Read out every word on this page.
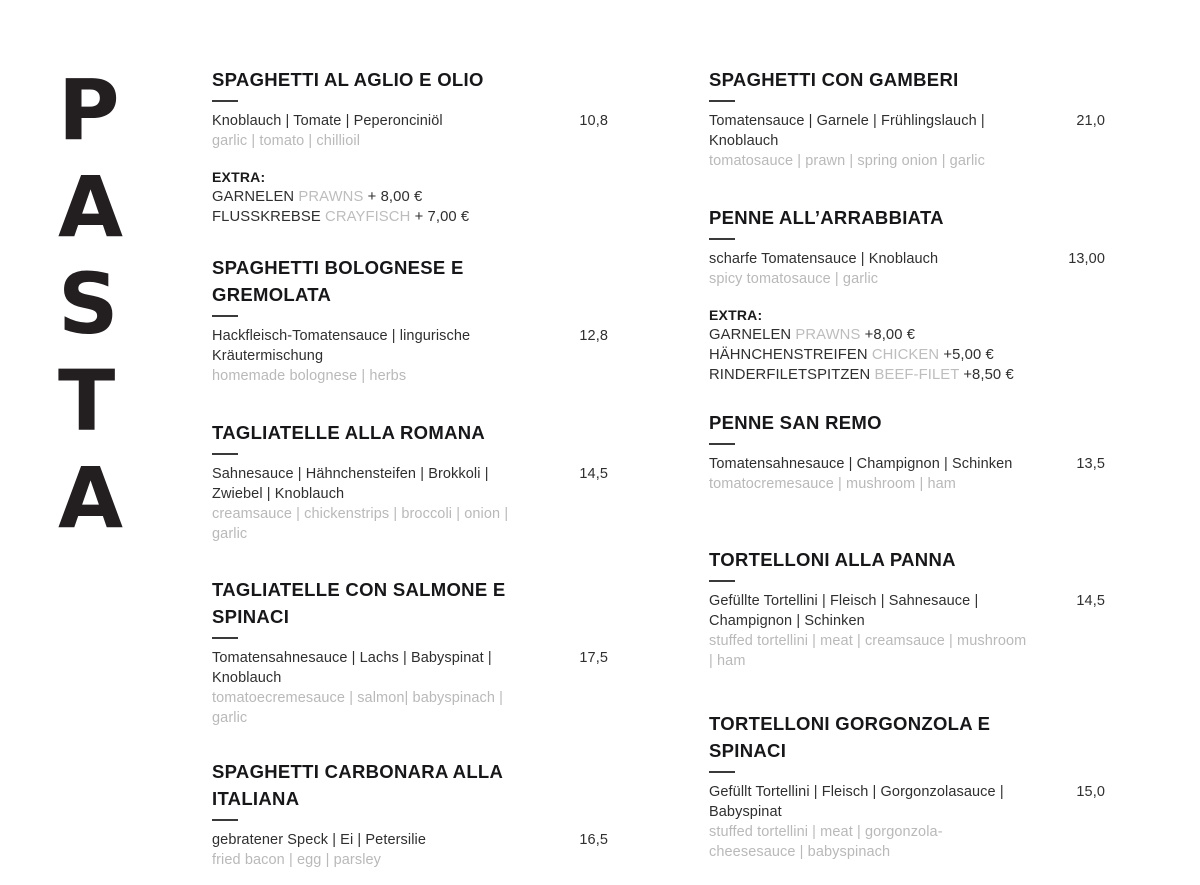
P
A
S
T
A
SPAGHETTI AL AGLIO E OLIO
Knoblauch | Tomate | Peperonciniöl
garlic | tomato | chillioil
10,8
EXTRA:
GARNELEN PRAWNS + 8,00 €
FLUSSKREBSE CRAYFISCH + 7,00 €
SPAGHETTI BOLOGNESE E GREMOLATA
Hackfleisch-Tomatensauce | lingurische Kräutermischung
homemade bolognese | herbs
12,8
TAGLIATELLE ALLA ROMANA
Sahnesauce | Hähnchensteifen | Brokkoli | Zwiebel | Knoblauch
creamsauce | chickenstrips | broccoli | onion | garlic
14,5
TAGLIATELLE CON SALMONE E SPINACI
Tomatensahnesauce | Lachs | Babyspinat | Knoblauch
tomatoecremesauce | salmon| babyspinach | garlic
17,5
SPAGHETTI CARBONARA ALLA ITALIANA
gebratener Speck | Ei | Petersilie
fried bacon | egg | parsley
16,5
SPAGHETTI CON GAMBERI
Tomatensauce | Garnele | Frühlingslauch | Knoblauch
tomatosauce | prawn | spring onion | garlic
21,0
PENNE ALL’ARRABBIATA
scharfe Tomatensauce | Knoblauch
spicy tomatosauce | garlic
13,00
EXTRA:
GARNELEN PRAWNS +8,00 €
HÄHNCHENSTREIFEN CHICKEN +5,00 €
RINDERFILETSPITZEN BEEF-FILET +8,50 €
PENNE SAN REMO
Tomatensahnesauce | Champignon | Schinken
tomatocremesauce | mushroom | ham
13,5
TORTELLONI ALLA PANNA
Gefüllte Tortellini | Fleisch | Sahnesauce | Champignon | Schinken
stuffed tortellini | meat | creamsauce | mushroom | ham
14,5
TORTELLONI GORGONZOLA E SPINACI
Gefüllt Tortellini | Fleisch | Gorgonzolasauce | Babyspinat
stuffed tortellini | meat | gorgonzola-cheesesauce | babyspinach
15,0
